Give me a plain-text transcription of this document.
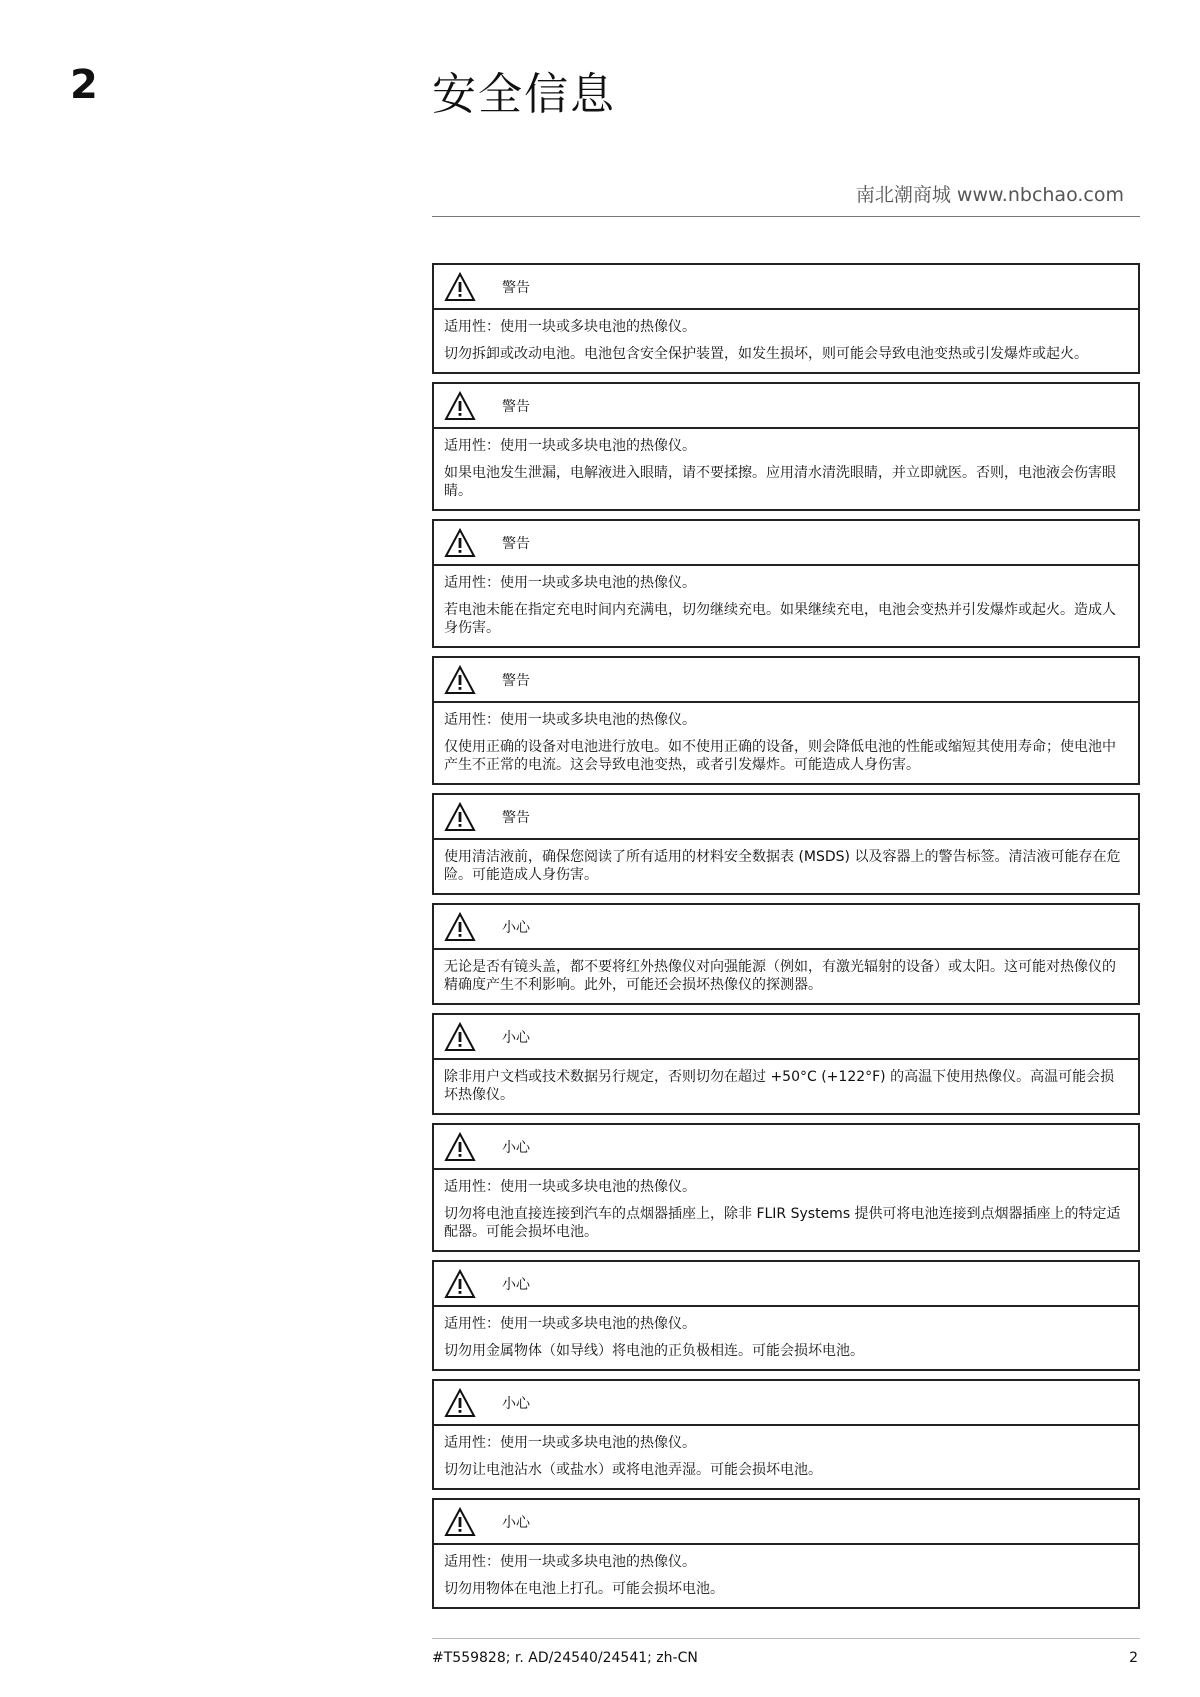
2	安全信息
南北潮商城 www.nbchao.com
警告
适用性：使用一块或多块电池的热像仪。
切勿拆卸或改动电池。电池包含安全保护装置，如发生损坏，则可能会导致电池变热或引发爆炸或起火。
警告
适用性：使用一块或多块电池的热像仪。
如果电池发生泄漏，电解液进入眼睛，请不要揉擦。应用清水清洗眼睛，并立即就医。否则，电池液会伤害眼睛。
警告
适用性：使用一块或多块电池的热像仪。
若电池未能在指定充电时间内充满电，切勿继续充电。如果继续充电，电池会变热并引发爆炸或起火。造成人身伤害。
警告
适用性：使用一块或多块电池的热像仪。
仅使用正确的设备对电池进行放电。如不使用正确的设备，则会降低电池的性能或缩短其使用寿命；使电池中产生不正常的电流。这会导致电池变热，或者引发爆炸。可能造成人身伤害。
警告
使用清洁液前，确保您阅读了所有适用的材料安全数据表 (MSDS) 以及容器上的警告标签。清洁液可能存在危险。可能造成人身伤害。
小心
无论是否有镜头盖，都不要将红外热像仪对向强能源（例如，有激光辐射的设备）或太阳。这可能对热像仪的精确度产生不利影响。此外，可能还会损坏热像仪的探测器。
小心
除非用户文档或技术数据另行规定，否则切勿在超过 +50°C (+122°F) 的高温下使用热像仪。高温可能会损坏热像仪。
小心
适用性：使用一块或多块电池的热像仪。
切勿将电池直接连接到汽车的点烟器插座上，除非 FLIR Systems 提供可将电池连接到点烟器插座上的特定适配器。可能会损坏电池。
小心
适用性：使用一块或多块电池的热像仪。
切勿用金属物体（如导线）将电池的正负极相连。可能会损坏电池。
小心
适用性：使用一块或多块电池的热像仪。
切勿让电池沾水（或盐水）或将电池弄湿。可能会损坏电池。
小心
适用性：使用一块或多块电池的热像仪。
切勿用物体在电池上打孔。可能会损坏电池。
#T559828; r. AD/24540/24541; zh-CN	2
